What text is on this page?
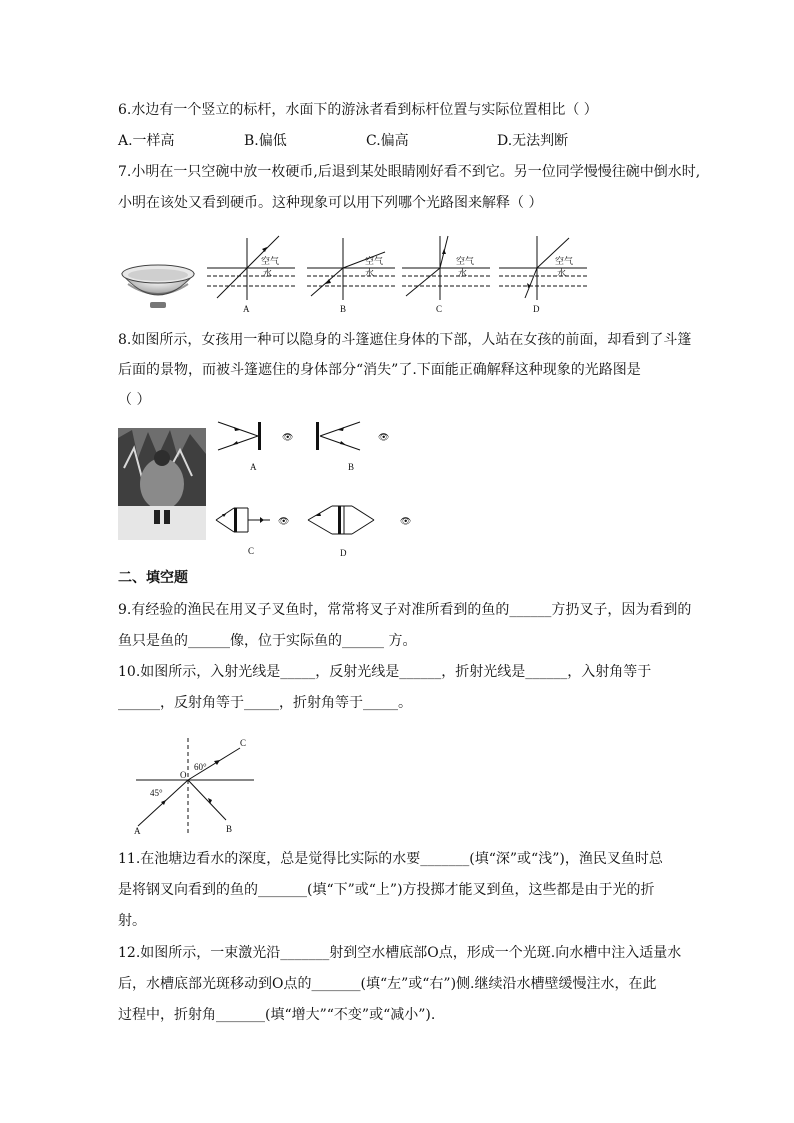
6.水边有一个竖立的标杆，水面下的游泳者看到标杆位置与实际位置相比（ ）
A.一样高	B.偏低	C.偏高	D.无法判断
7.小明在一只空碗中放一枚硬币,后退到某处眼睛刚好看不到它。另一位同学慢慢往碗中倒水时,
小明在该处又看到硬币。这种现象可以用下列哪个光路图来解释（ ）
空气
水
A
空气
水
B
空气
水
C
空气
水
D
8.如图所示，女孩用一种可以隐身的斗篷遮住身体的下部，人站在女孩的前面，却看到了斗篷
后面的景物，而被斗篷遮住的身体部分“消失”了.下面能正确解释这种现象的光路图是
（ ）
👁
A
👁
B
👁
C
👁
D
二、填空题
9.有经验的渔民在用叉子叉鱼时，常常将叉子对准所看到的鱼的______方扔叉子，因为看到的
鱼只是鱼的______像，位于实际鱼的______ 方。
10.如图所示，入射光线是_____，反射光线是______，折射光线是______，入射角等于
______，反射角等于_____，折射角等于_____。
60°
45°
O
A	B
C
11.在池塘边看水的深度，总是觉得比实际的水要_______(填“深”或“浅”)，渔民叉鱼时总
是将钢叉向看到的鱼的_______(填“下”或“上”)方投掷才能叉到鱼，这些都是由于光的折
射。
12.如图所示，一束激光沿_______射到空水槽底部O点，形成一个光斑.向水槽中注入适量水
后，水槽底部光斑移动到O点的_______(填“左”或“右”)侧.继续沿水槽壁缓慢注水，在此
过程中，折射角_______(填“增大”“不变”或“减小”).
